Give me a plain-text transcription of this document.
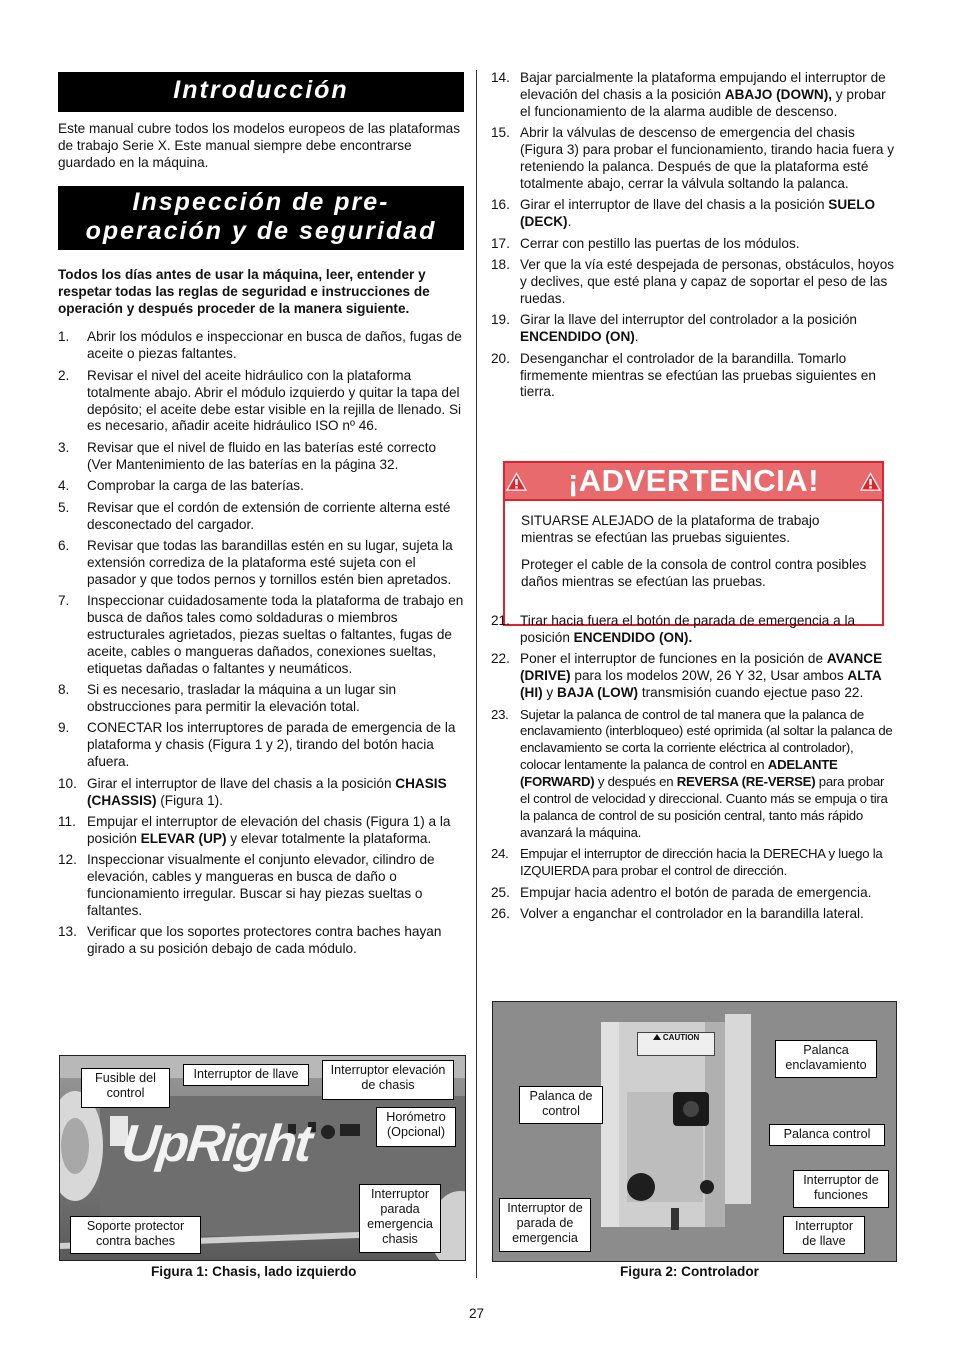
Introducción
Este manual cubre todos los modelos europeos de las plataformas de trabajo Serie X. Este manual siempre debe encontrarse guardado en la máquina.
Inspección de pre-
operación y de seguridad
Todos los días antes de usar la máquina, leer, entender y respetar todas las reglas de seguridad e instrucciones de operación y después proceder de la manera siguiente.
1. Abrir los módulos e inspeccionar en busca de daños, fugas de aceite o piezas faltantes.
2. Revisar el nivel del aceite hidráulico con la plataforma totalmente abajo. Abrir el módulo izquierdo y quitar la tapa del depósito; el aceite debe estar visible en la rejilla de llenado. Si es necesario, añadir aceite hidráulico ISO nº 46.
3. Revisar que el nivel de fluido en las baterías esté correcto (Ver Mantenimiento de las baterías en la página 32.
4. Comprobar la carga de las baterías.
5. Revisar que el cordón de extensión de corriente alterna esté desconectado del cargador.
6. Revisar que todas las barandillas estén en su lugar, sujeta la extensión corrediza de la plataforma esté sujeta con el pasador y que todos pernos y tornillos estén bien apretados.
7. Inspeccionar cuidadosamente toda la plataforma de trabajo en busca de daños tales como soldaduras o miembros estructurales agrietados, piezas sueltas o faltantes, fugas de aceite, cables o mangueras dañados, conexiones sueltas, etiquetas dañadas o faltantes y neumáticos.
8. Si es necesario, trasladar la máquina a un lugar sin obstrucciones para permitir la elevación total.
9. CONECTAR los interruptores de parada de emergencia de la plataforma y chasis (Figura 1 y 2), tirando del botón hacia afuera.
10. Girar el interruptor de llave del chasis a la posición CHASIS (CHASSIS) (Figura 1).
11. Empujar el interruptor de elevación del chasis (Figura 1) a la posición ELEVAR (UP) y elevar totalmente la plataforma.
12. Inspeccionar visualmente el conjunto elevador, cilindro de elevación, cables y mangueras en busca de daño o funcionamiento irregular. Buscar si hay piezas sueltas o faltantes.
13. Verificar que los soportes protectores contra baches hayan girado a su posición debajo de cada módulo.
14. Bajar parcialmente la plataforma empujando el interruptor de elevación del chasis a la posición ABAJO (DOWN), y probar el funcionamiento de la alarma audible de descenso.
15. Abrir la válvulas de descenso de emergencia del chasis (Figura 3) para probar el funcionamiento, tirando hacia fuera y reteniendo la palanca. Después de que la plataforma esté totalmente abajo, cerrar la válvula soltando la palanca.
16. Girar el interruptor de llave del chasis a la posición SUELO (DECK).
17. Cerrar con pestillo las puertas de los módulos.
18. Ver que la vía esté despejada de personas, obstáculos, hoyos y declives, que esté plana y capaz de soportar el peso de las ruedas.
19. Girar la llave del interruptor del controlador a la posición ENCENDIDO (ON).
20. Desenganchar el controlador de la barandilla. Tomarlo firmemente mientras se efectúan las pruebas siguientes en tierra.
¡ADVERTENCIA!

SITUARSE ALEJADO de la plataforma de trabajo mientras se efectúan las pruebas siguientes.

Proteger el cable de la consola de control contra posibles daños mientras se efectúan las pruebas.

21. Tirar hacia fuera el botón de parada de emergencia a la posición ENCENDIDO (ON).
22. Poner el interruptor de funciones en la posición de AVANCE (DRIVE) para los modelos 20W, 26 Y 32, Usar ambos ALTA (HI) y BAJA (LOW) transmisión cuando ejectue paso 22.
23. Sujetar la palanca de control de tal manera que la palanca de enclavamiento (interbloqueo) esté oprimida (al soltar la palanca de enclavamiento se corta la corriente eléctrica al controlador), colocar lentamente la palanca de control en ADELANTE (FORWARD) y después en REVERSA (RE-VERSE) para probar el control de velocidad y direccional. Cuanto más se empuja o tira la palanca de control de su posición central, tanto más rápido avanzará la máquina.
24. Empujar el interruptor de dirección hacia la DERECHA y luego la IZQUIERDA para probar el control de dirección.
25. Empujar hacia adentro el botón de parada de emergencia.
26. Volver a enganchar el controlador en la barandilla lateral.
UpRight
Fusible del control
Interruptor de llave	Interruptor elevación de chasis
Horómetro (Opcional)
Interruptor parada emergencia chasis
Soporte protector contra baches
Figura 1: Chasis, lado izquierdo
CAUTION
Palanca enclavamiento
Palanca de control
Palanca control
Interruptor de funciones
Interruptor de parada de emergencia
Interruptor de llave
Figura 2: Controlador
27
